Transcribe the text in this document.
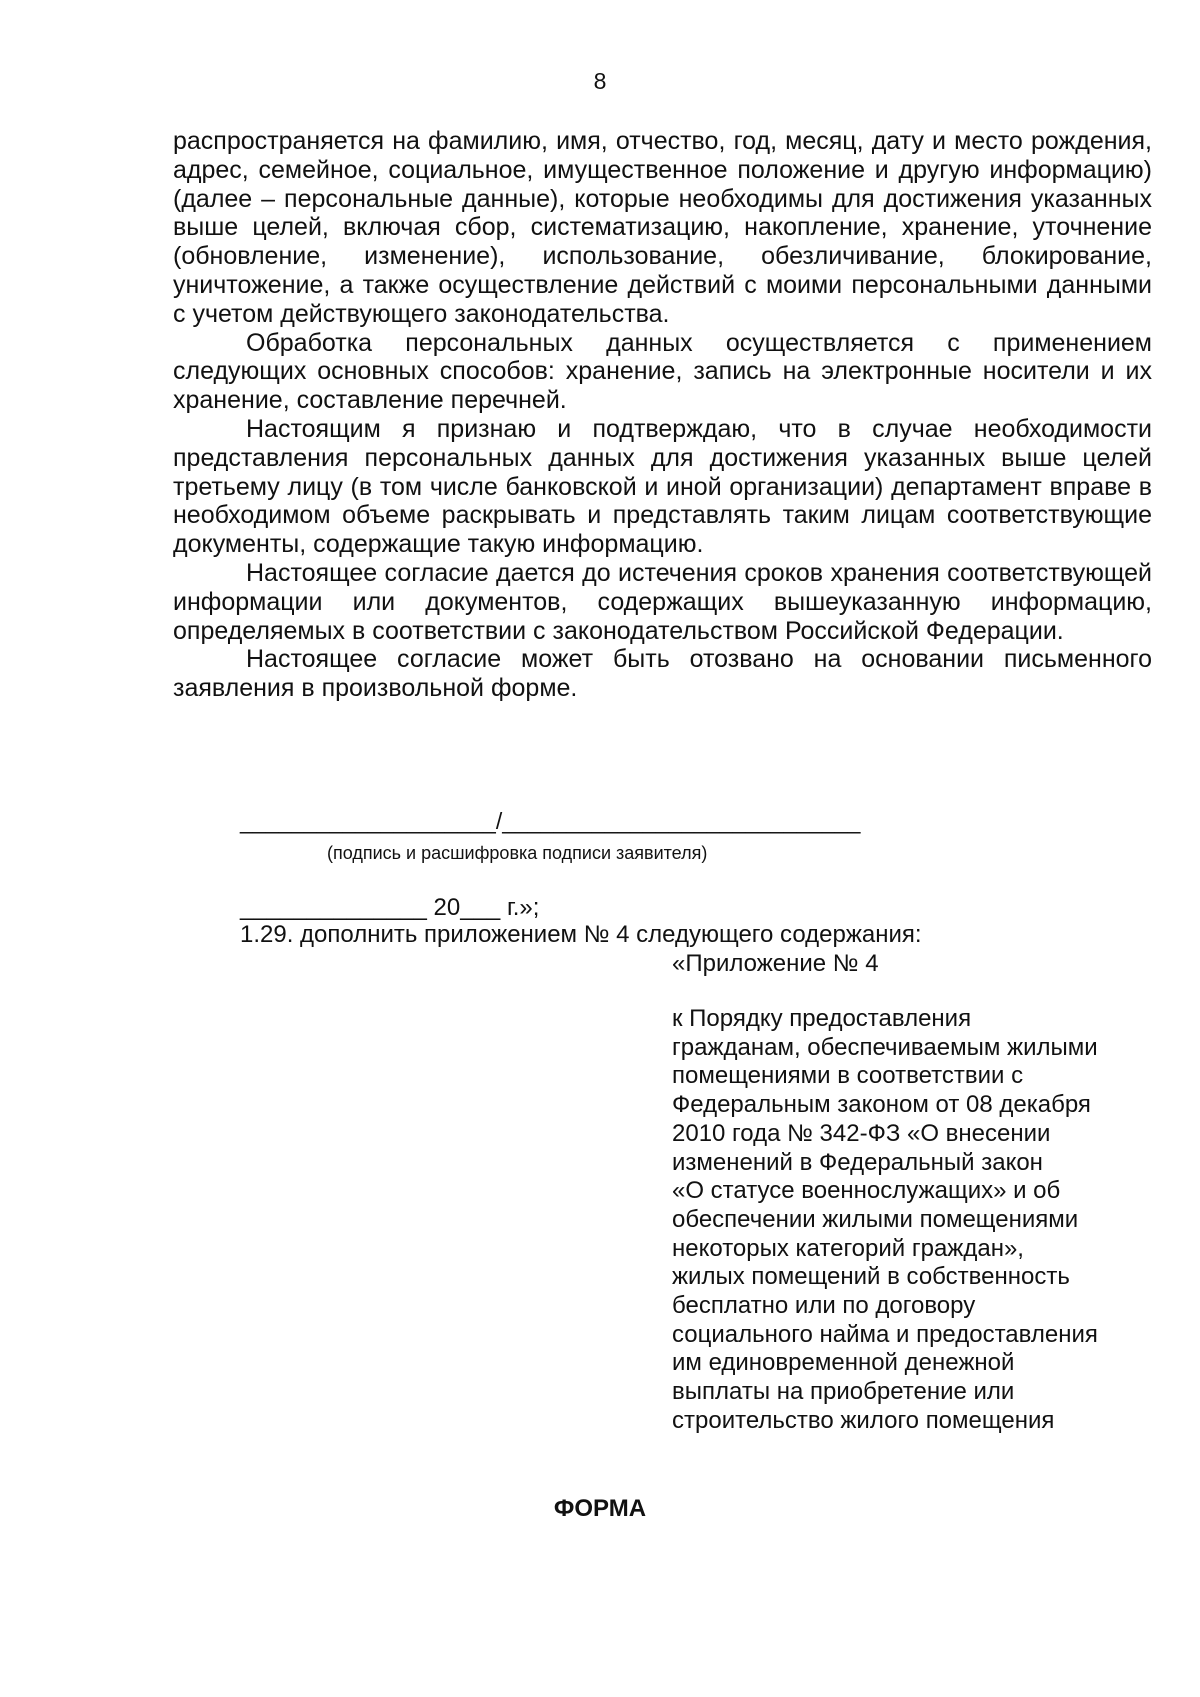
8

распространяется на фамилию, имя, отчество, год, месяц, дату и место рождения, адрес, семейное, социальное, имущественное положение и другую информацию) (далее – персональные данные), которые необходимы для достижения указанных выше целей, включая сбор, систематизацию, накопление, хранение, уточнение (обновление, изменение), использование, обезличивание, блокирование, уничтожение, а также осуществление действий с моими персональными данными с учетом действующего законодательства.

Обработка персональных данных осуществляется с применением следующих основных способов: хранение, запись на электронные носители и их хранение, составление перечней.

Настоящим я признаю и подтверждаю, что в случае необходимости представления персональных данных для достижения указанных выше целей третьему лицу (в том числе банковской и иной организации) департамент вправе в необходимом объеме раскрывать и представлять таким лицам соответствующие документы, содержащие такую информацию.

Настоящее согласие дается до истечения сроков хранения соответствующей информации или документов, содержащих вышеуказанную информацию, определяемых в соответствии с законодательством Российской Федерации.

Настоящее согласие может быть отозвано на основании письменного заявления в произвольной форме.

____________________/____________________________
(подпись и расшифровка подписи заявителя)
______________ 20___ г.»;
1.29. дополнить приложением № 4 следующего содержания:
«Приложение № 4
к Порядку предоставления
гражданам, обеспечиваемым жилыми
помещениями в соответствии с
Федеральным законом от 08 декабря
2010 года № 342-ФЗ «О внесении
изменений в Федеральный закон
«О статусе военнослужащих» и об
обеспечении жилыми помещениями
некоторых категорий граждан»,
жилых помещений в собственность
бесплатно или по договору
социального найма и предоставления
им единовременной денежной
выплаты на приобретение или
строительство жилого помещения
ФОРМА
